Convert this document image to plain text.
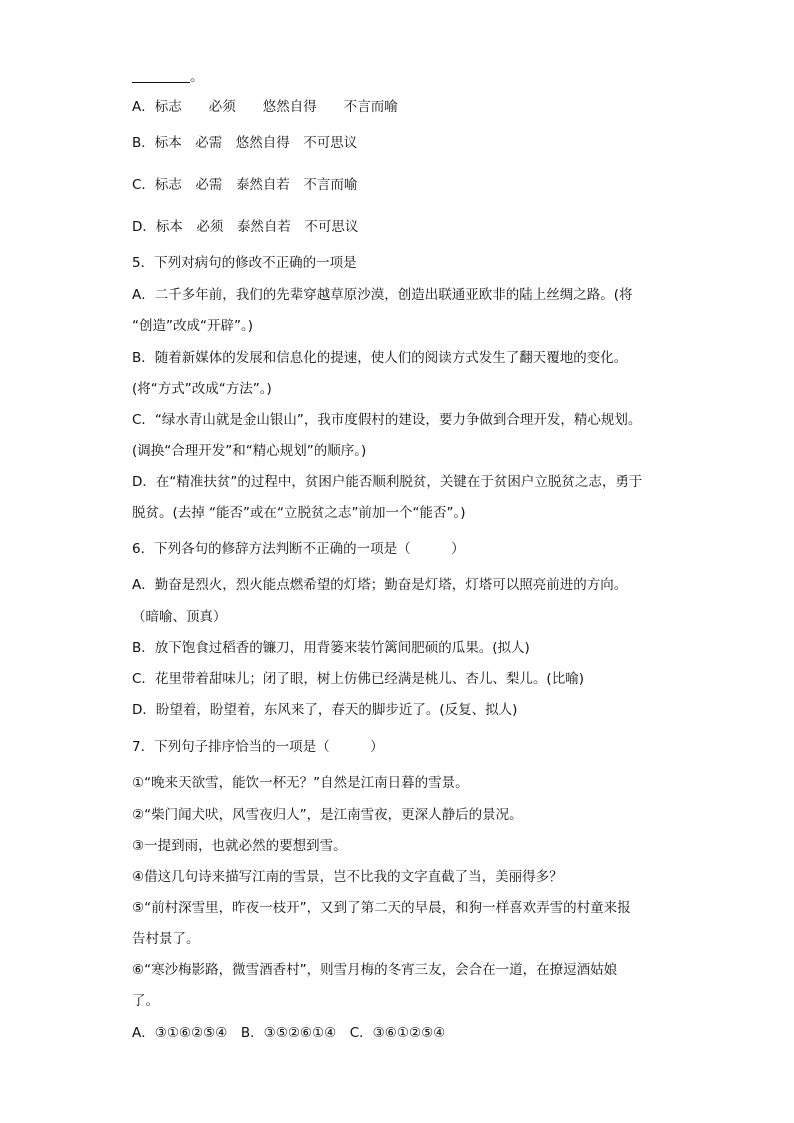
。
A．标志　　必须　　悠然自得　　不言而喻
B．标本　必需　悠然自得　不可思议
C．标志　必需　泰然自若　不言而喻
D．标本　必须　泰然自若　不可思议
5．下列对病句的修改不正确的一项是
A．二千多年前，我们的先辈穿越草原沙漠，创造出联通亚欧非的陆上丝绸之路。(将
“创造”改成“开辟”。)
B．随着新媒体的发展和信息化的提速，使人们的阅读方式发生了翻天覆地的变化。
(将“方式”改成“方法”。)
C．“绿水青山就是金山银山”，我市度假村的建设，要力争做到合理开发，精心规划。
(调换“合理开发”和“精心规划”的顺序。)
D．在“精准扶贫”的过程中，贫困户能否顺利脱贫，关键在于贫困户立脱贫之志，勇于
脱贫。(去掉 “能否”或在“立脱贫之志”前加一个“能否”。)
6．下列各句的修辞方法判断不正确的一项是（　　　）
A．勤奋是烈火，烈火能点燃希望的灯塔；勤奋是灯塔，灯塔可以照亮前进的方向。
（暗喻、顶真）
B．放下饱食过稻香的镰刀，用背篓来装竹篱间肥硕的瓜果。(拟人)
C．花里带着甜味儿；闭了眼，树上仿佛已经满是桃儿、杏儿、梨儿。(比喻)
D．盼望着，盼望着，东风来了，春天的脚步近了。(反复、拟人)
7．下列句子排序恰当的一项是（　　　）
①“晚来天欲雪，能饮一杯无？”自然是江南日暮的雪景。
②“柴门闻犬吠，风雪夜归人”，是江南雪夜，更深人静后的景况。
③一提到雨，也就必然的要想到雪。
④借这几句诗来描写江南的雪景，岂不比我的文字直截了当，美丽得多？
⑤“前村深雪里，昨夜一枝开”，又到了第二天的早晨，和狗一样喜欢弄雪的村童来报
告村景了。
⑥“寒沙梅影路，微雪酒香村”，则雪月梅的冬宵三友，会合在一道，在撩逗酒姑娘
了。
A．③①⑥②⑤④　B．③⑤②⑥①④　C．③⑥①②⑤④
